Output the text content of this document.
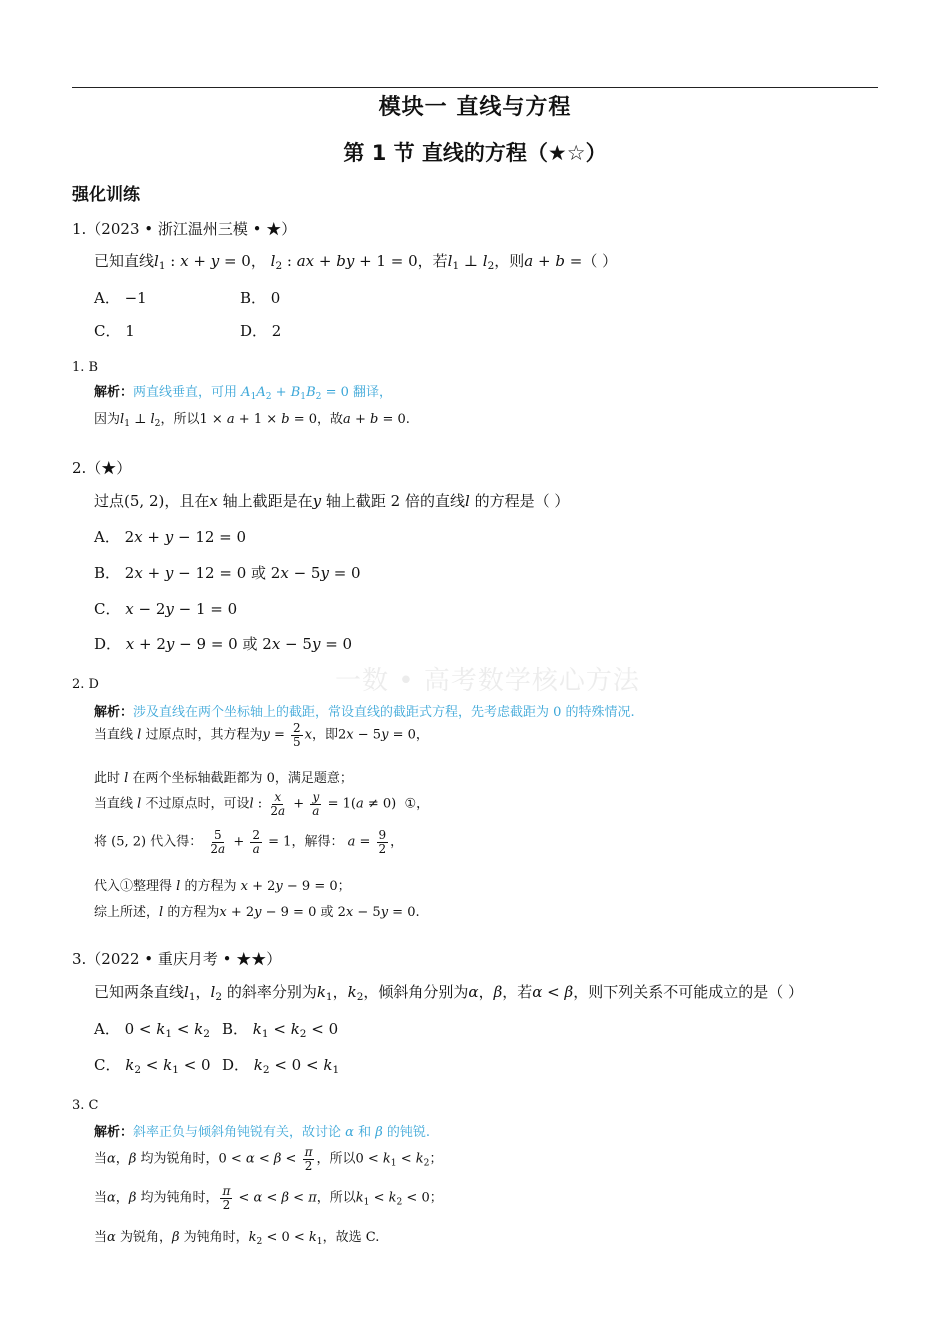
模块一 直线与方程
第 1 节 直线的方程（★☆）
强化训练
1.（2023 • 浙江温州三模 • ★）
已知直线$l_1$ : x + y = 0， $l_2$ : ax + by + 1 = 0，若$l_1$ ⊥ $l_2$，则a + b =（ ）
A． −1	B． 0
C． 1	D． 2
1. B
解析：两直线垂直，可用 $A_1A_2 + B_1B_2 = 0$ 翻译，
因为$l_1$ ⊥ $l_2$，所以1 × a + 1 × b = 0，故a + b = 0.
2.（★）
过点(5, 2)，且在x 轴上截距是在y 轴上截距 2 倍的直线l 的方程是（ ）
A． 2x + y − 12 = 0
B． 2x + y − 12 = 0 或 2x − 5y = 0
C． x − 2y − 1 = 0
D． x + 2y − 9 = 0 或 2x − 5y = 0
一数 • 高考数学核心方法
2. D
解析：涉及直线在两个坐标轴上的截距，常设直线的截距式方程，先考虑截距为 0 的特殊情况.
当直线 l 过原点时，其方程为$y = \frac{2}{5}$ x，即2x − 5y = 0，
此时 l 在两个坐标轴截距都为 0，满足题意；
当直线 l 不过原点时，可设l : $\frac{x}{2a} + \frac{y}{a} = 1(a \ne 0)$  ①，
将 (5, 2) 代入得： $\frac{5}{2a} + \frac{2}{a} = 1$，解得： $a = \frac{9}{2}$ ，
代入①整理得 l 的方程为 x + 2y − 9 = 0；
综上所述，l 的方程为x + 2y − 9 = 0 或 2x − 5y = 0.
3.（2022 • 重庆月考 • ★★）
已知两条直线$l_1$，$l_2$ 的斜率分别为$k_1$，$k_2$，倾斜角分别为α，β，若α < β，则下列关系不可能成立的是（ ）
A． $0 < k_1 < k_2$ B． $k_1 < k_2 < 0$
C． $k_2 < k_1 < 0$ D． $k_2 < 0 < k_1$
3. C
解析：斜率正负与倾斜角钝锐有关，故讨论 α 和 β 的钝锐.
当α，β 均为锐角时，$0 < \alpha < \beta < \frac{\pi}{2}$ ，所以$0 < k_1 < k_2$；
当α，β 均为钝角时， $\frac{\pi}{2} < \alpha < \beta < \pi$，所以$k_1 < k_2 < 0$；
当α 为锐角，β 为钝角时，$k_2 < 0 < k_1$，故选 C.
